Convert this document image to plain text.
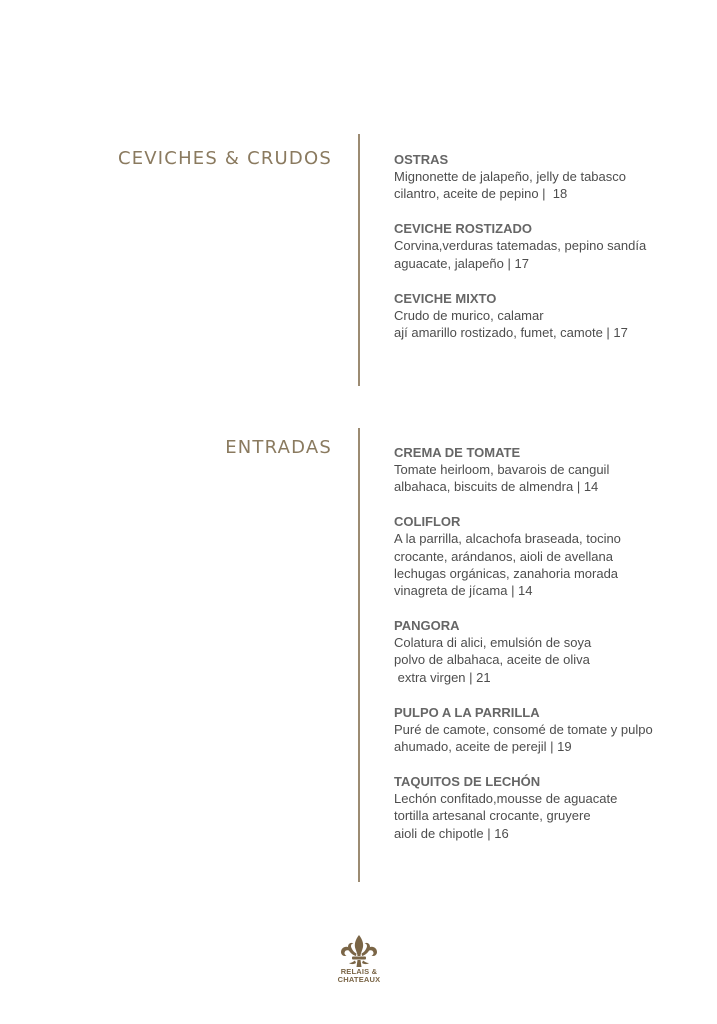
CEVICHES & CRUDOS	OSTRAS
Mignonette de jalapeño, jelly de tabasco
cilantro, aceite de pepino |  18
CEVICHE ROSTIZADO
Corvina,verduras tatemadas, pepino sandía
aguacate, jalapeño | 17
CEVICHE MIXTO
Crudo de murico, calamar
ají amarillo rostizado, fumet, camote | 17
ENTRADAS	CREMA DE TOMATE
Tomate heirloom, bavarois de canguil
albahaca, biscuits de almendra | 14
COLIFLOR
A la parrilla, alcachofa braseada, tocino
crocante, arándanos, aioli de avellana
lechugas orgánicas, zanahoria morada
vinagreta de jícama | 14
PANGORA
Colatura di alici, emulsión de soya
polvo de albahaca, aceite de oliva
extra virgen | 21
PULPO A LA PARRILLA
Puré de camote, consomé de tomate y pulpo
ahumado, aceite de perejil | 19
TAQUITOS DE LECHÓN
Lechón confitado,mousse de aguacate
tortilla artesanal crocante, gruyere
aioli de chipotle | 16
RELAIS &
CHATEAUX
